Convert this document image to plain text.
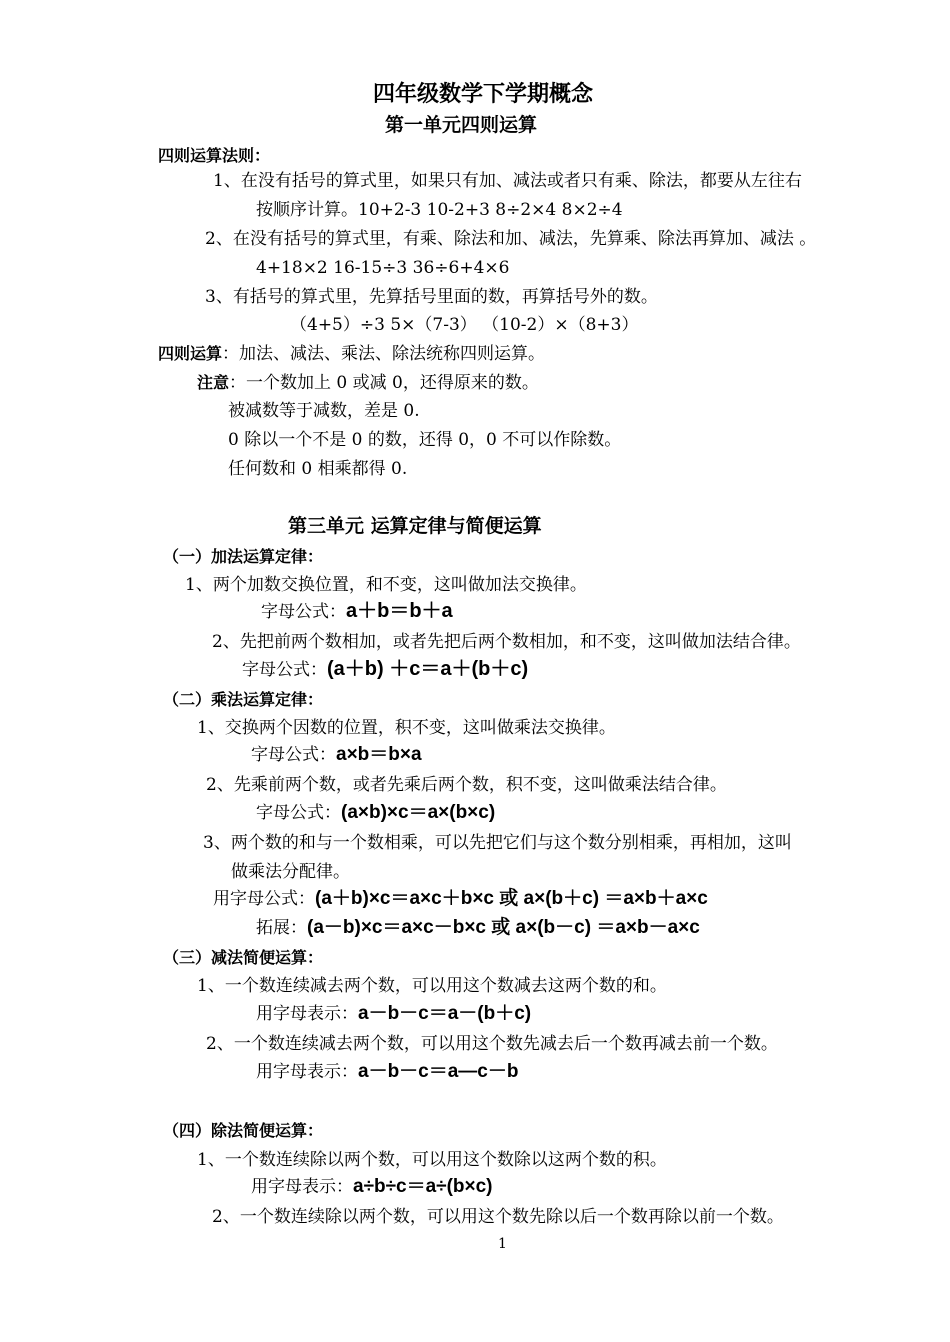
四年级数学下学期概念
第一单元四则运算
四则运算法则：
1、在没有括号的算式里，如果只有加、减法或者只有乘、除法，都要从左往右
按顺序计算。10+2-3 10-2+3 8÷2×4 8×2÷4
2、在没有括号的算式里，有乘、除法和加、减法，先算乘、除法再算加、减法 。
4+18×2 16-15÷3 36÷6+4×6
3、有括号的算式里，先算括号里面的数，再算括号外的数。
（4+5）÷3 5×（7-3） （10-2）×（8+3）
四则运算：加法、减法、乘法、除法统称四则运算。
注意：一个数加上 0 或减 0，还得原来的数。
被减数等于减数，差是 0.
0 除以一个不是 0 的数，还得 0，0 不可以作除数。
任何数和 0 相乘都得 0.
第三单元 运算定律与简便运算
（一）加法运算定律：
1、两个加数交换位置，和不变，这叫做加法交换律。
字母公式：a＋b＝b＋a
2、先把前两个数相加，或者先把后两个数相加，和不变，这叫做加法结合律。
字母公式：(a＋b) ＋c＝a＋(b＋c)
（二）乘法运算定律：
1、交换两个因数的位置，积不变，这叫做乘法交换律。
字母公式：a×b＝b×a
2、先乘前两个数，或者先乘后两个数，积不变，这叫做乘法结合律。
字母公式：(a×b)×c＝a×(b×c)
3、两个数的和与一个数相乘，可以先把它们与这个数分别相乘，再相加，这叫
做乘法分配律。
用字母公式：(a＋b)×c＝a×c＋b×c 或 a×(b＋c) ＝a×b＋a×c
拓展：(a－b)×c＝a×c－b×c 或 a×(b－c) ＝a×b－a×c
（三）减法简便运算：
1、一个数连续减去两个数，可以用这个数减去这两个数的和。
用字母表示：a－b－c＝a－(b＋c)
2、一个数连续减去两个数，可以用这个数先减去后一个数再减去前一个数。
用字母表示：a－b－c＝a—c－b
（四）除法简便运算：
1、一个数连续除以两个数，可以用这个数除以这两个数的积。
用字母表示：a÷b÷c＝a÷(b×c)
2、一个数连续除以两个数，可以用这个数先除以后一个数再除以前一个数。
1
